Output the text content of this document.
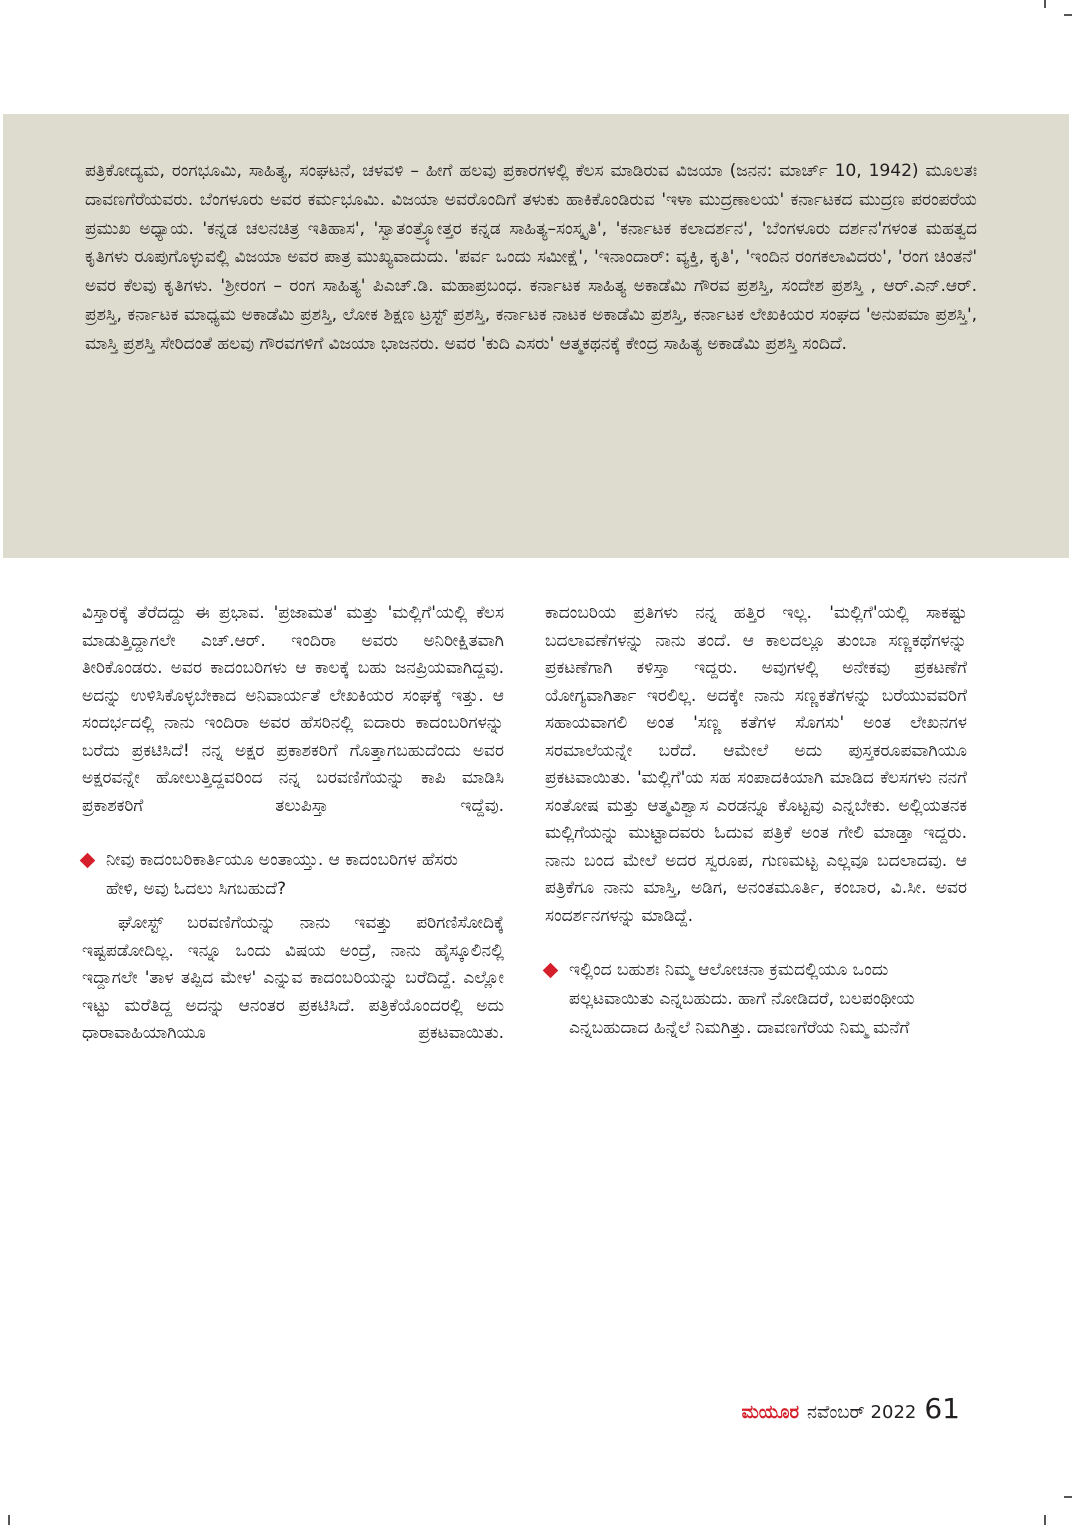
ಪತ್ರಿಕೋದ್ಯಮ, ರಂಗಭೂಮಿ, ಸಾಹಿತ್ಯ, ಸಂಘಟನೆ, ಚಳವಳಿ – ಹೀಗೆ ಹಲವು ಪ್ರಕಾರಗಳಲ್ಲಿ ಕೆಲಸ ಮಾಡಿರುವ ವಿಜಯಾ (ಜನನ: ಮಾರ್ಚ್ 10, 1942) ಮೂಲತಃ ದಾವಣಗೆರೆಯವರು. ಬೆಂಗಳೂರು ಅವರ ಕರ್ಮಭೂಮಿ. ವಿಜಯಾ ಅವರೊಂದಿಗೆ ತಳುಕು ಹಾಕಿಕೊಂಡಿರುವ 'ಇಳಾ ಮುದ್ರಣಾಲಯ' ಕರ್ನಾಟಕದ ಮುದ್ರಣ ಪರಂಪರೆಯ ಪ್ರಮುಖ ಅಧ್ಯಾಯ. 'ಕನ್ನಡ ಚಲನಚಿತ್ರ ಇತಿಹಾಸ', 'ಸ್ವಾತಂತ್ರ್ಯೋತ್ತರ ಕನ್ನಡ ಸಾಹಿತ್ಯ–ಸಂಸ್ಕೃತಿ', 'ಕರ್ನಾಟಕ ಕಲಾದರ್ಶನ', 'ಬೆಂಗಳೂರು ದರ್ಶನ'ಗಳಂತ ಮಹತ್ವದ ಕೃತಿಗಳು ರೂಪುಗೊಳ್ಳುವಲ್ಲಿ ವಿಜಯಾ ಅವರ ಪಾತ್ರ ಮುಖ್ಯವಾದುದು. 'ಪರ್ವ ಒಂದು ಸಮೀಕ್ಷೆ', 'ಇನಾಂದಾರ್: ವ್ಯಕ್ತಿ, ಕೃತಿ', 'ಇಂದಿನ ರಂಗಕಲಾವಿದರು', 'ರಂಗ ಚಿಂತನೆ' ಅವರ ಕೆಲವು ಕೃತಿಗಳು. 'ಶ್ರೀರಂಗ – ರಂಗ ಸಾಹಿತ್ಯ' ಪಿಎಚ್.ಡಿ. ಮಹಾಪ್ರಬಂಧ. ಕರ್ನಾಟಕ ಸಾಹಿತ್ಯ ಅಕಾಡೆಮಿ ಗೌರವ ಪ್ರಶಸ್ತಿ, ಸಂದೇಶ ಪ್ರಶಸ್ತಿ , ಆರ್.ಎನ್.ಆರ್. ಪ್ರಶಸ್ತಿ, ಕರ್ನಾಟಕ ಮಾಧ್ಯಮ ಅಕಾಡೆಮಿ ಪ್ರಶಸ್ತಿ, ಲೋಕ ಶಿಕ್ಷಣ ಟ್ರಸ್ಟ್ ಪ್ರಶಸ್ತಿ, ಕರ್ನಾಟಕ ನಾಟಕ ಅಕಾಡೆಮಿ ಪ್ರಶಸ್ತಿ, ಕರ್ನಾಟಕ ಲೇಖಕಿಯರ ಸಂಘದ 'ಅನುಪಮಾ ಪ್ರಶಸ್ತಿ', ಮಾಸ್ತಿ ಪ್ರಶಸ್ತಿ ಸೇರಿದಂತೆ ಹಲವು ಗೌರವಗಳಿಗೆ ವಿಜಯಾ ಭಾಜನರು. ಅವರ 'ಕುದಿ ಎಸರು' ಆತ್ಮಕಥನಕ್ಕೆ ಕೇಂದ್ರ ಸಾಹಿತ್ಯ ಅಕಾಡೆಮಿ ಪ್ರಶಸ್ತಿ ಸಂದಿದೆ.

ವಿಸ್ತಾರಕ್ಕೆ ತೆರೆದದ್ದು ಈ ಪ್ರಭಾವ. 'ಪ್ರಜಾಮತ' ಮತ್ತು 'ಮಲ್ಲಿಗೆ'ಯಲ್ಲಿ ಕೆಲಸ ಮಾಡುತ್ತಿದ್ದಾಗಲೇ ಎಚ್.ಆರ್. ಇಂದಿರಾ ಅವರು ಅನಿರೀಕ್ಷಿತವಾಗಿ ತೀರಿಕೊಂಡರು. ಅವರ ಕಾದಂಬರಿಗಳು ಆ ಕಾಲಕ್ಕೆ ಬಹು ಜನಪ್ರಿಯವಾಗಿದ್ದವು. ಅದನ್ನು ಉಳಿಸಿಕೊಳ್ಳಬೇಕಾದ ಅನಿವಾರ್ಯತೆ ಲೇಖಕಿಯರ ಸಂಘಕ್ಕೆ ಇತ್ತು. ಆ ಸಂದರ್ಭದಲ್ಲಿ ನಾನು ಇಂದಿರಾ ಅವರ ಹೆಸರಿನಲ್ಲಿ ಐದಾರು ಕಾದಂಬರಿಗಳನ್ನು ಬರೆದು ಪ್ರಕಟಿಸಿದೆ! ನನ್ನ ಅಕ್ಷರ ಪ್ರಕಾಶಕರಿಗೆ ಗೊತ್ತಾಗಬಹುದೆಂದು ಅವರ ಅಕ್ಷರವನ್ನೇ ಹೋಲುತ್ತಿದ್ದವರಿಂದ ನನ್ನ ಬರವಣಿಗೆಯನ್ನು ಕಾಪಿ ಮಾಡಿಸಿ ಪ್ರಕಾಶಕರಿಗೆ ತಲುಪಿಸ್ತಾ ಇದ್ದೆವು.

ನೀವು ಕಾದಂಬರಿಕಾರ್ತಿಯೂ ಅಂತಾಯ್ತು. ಆ ಕಾದಂಬರಿಗಳ ಹೆಸರು ಹೇಳಿ, ಅವು ಓದಲು ಸಿಗಬಹುದೆ?

ಘೋಸ್ಟ್ ಬರವಣಿಗೆಯನ್ನು ನಾನು ಇವತ್ತು ಪರಿಗಣಿಸೋದಿಕ್ಕೆ ಇಷ್ಟಪಡೋದಿಲ್ಲ. ಇನ್ನೂ ಒಂದು ವಿಷಯ ಅಂದ್ರೆ, ನಾನು ಹೈಸ್ಕೂಲಿನಲ್ಲಿ ಇದ್ದಾಗಲೇ 'ತಾಳ ತಪ್ಪಿದ ಮೇಳ' ಎನ್ನುವ ಕಾದಂಬರಿಯನ್ನು ಬರೆದಿದ್ದೆ. ಎಲ್ಲೋ ಇಟ್ಟು ಮರೆತಿದ್ದ ಅದನ್ನು ಆನಂತರ ಪ್ರಕಟಿಸಿದೆ. ಪತ್ರಿಕೆಯೊಂದರಲ್ಲಿ ಅದು ಧಾರಾವಾಹಿಯಾಗಿಯೂ ಪ್ರಕಟವಾಯಿತು.

ಕಾದಂಬರಿಯ ಪ್ರತಿಗಳು ನನ್ನ ಹತ್ತಿರ ಇಲ್ಲ. 'ಮಲ್ಲಿಗೆ'ಯಲ್ಲಿ ಸಾಕಷ್ಟು ಬದಲಾವಣೆಗಳನ್ನು ನಾನು ತಂದೆ. ಆ ಕಾಲದಲ್ಲೂ ತುಂಬಾ ಸಣ್ಣಕಥೆಗಳನ್ನು ಪ್ರಕಟಣೆಗಾಗಿ ಕಳಿಸ್ತಾ ಇದ್ದರು. ಅವುಗಳಲ್ಲಿ ಅನೇಕವು ಪ್ರಕಟಣೆಗೆ ಯೋಗ್ಯವಾಗಿರ್ತಾ ಇರಲಿಲ್ಲ. ಅದಕ್ಕೇ ನಾನು ಸಣ್ಣಕತೆಗಳನ್ನು ಬರೆಯುವವರಿಗೆ ಸಹಾಯವಾಗಲಿ ಅಂತ 'ಸಣ್ಣ ಕತೆಗಳ ಸೊಗಸು' ಅಂತ ಲೇಖನಗಳ ಸರಮಾಲೆಯನ್ನೇ ಬರೆದೆ. ಆಮೇಲೆ ಅದು ಪುಸ್ತಕರೂಪವಾಗಿಯೂ ಪ್ರಕಟವಾಯಿತು. 'ಮಲ್ಲಿಗೆ'ಯ ಸಹ ಸಂಪಾದಕಿಯಾಗಿ ಮಾಡಿದ ಕೆಲಸಗಳು ನನಗೆ ಸಂತೋಷ ಮತ್ತು ಆತ್ಮವಿಶ್ವಾಸ ಎರಡನ್ನೂ ಕೊಟ್ಟವು ಎನ್ನಬೇಕು. ಅಲ್ಲಿಯತನಕ ಮಲ್ಲಿಗೆಯನ್ನು ಮುಟ್ಟಾದವರು ಓದುವ ಪತ್ರಿಕೆ ಅಂತ ಗೇಲಿ ಮಾಡ್ತಾ ಇದ್ದರು. ನಾನು ಬಂದ ಮೇಲೆ ಅದರ ಸ್ವರೂಪ, ಗುಣಮಟ್ಟ ಎಲ್ಲವೂ ಬದಲಾದವು. ಆ ಪತ್ರಿಕೆಗೂ ನಾನು ಮಾಸ್ತಿ, ಅಡಿಗ, ಅನಂತಮೂರ್ತಿ, ಕಂಬಾರ, ವಿ.ಸೀ. ಅವರ ಸಂದರ್ಶನಗಳನ್ನು ಮಾಡಿದ್ದೆ.

ಇಲ್ಲಿಂದ ಬಹುಶಃ ನಿಮ್ಮ ಆಲೋಚನಾ ಕ್ರಮದಲ್ಲಿಯೂ ಒಂದು ಪಲ್ಲಟವಾಯಿತು ಎನ್ನಬಹುದು. ಹಾಗೆ ನೋಡಿದರೆ, ಬಲಪಂಥೀಯ ಎನ್ನಬಹುದಾದ ಹಿನ್ನೆಲೆ ನಿಮಗಿತ್ತು. ದಾವಣಗೆರೆಯ ನಿಮ್ಮ ಮನೆಗೆ
ಮಯೂರ ನವೆಂಬರ್ 2022 61
